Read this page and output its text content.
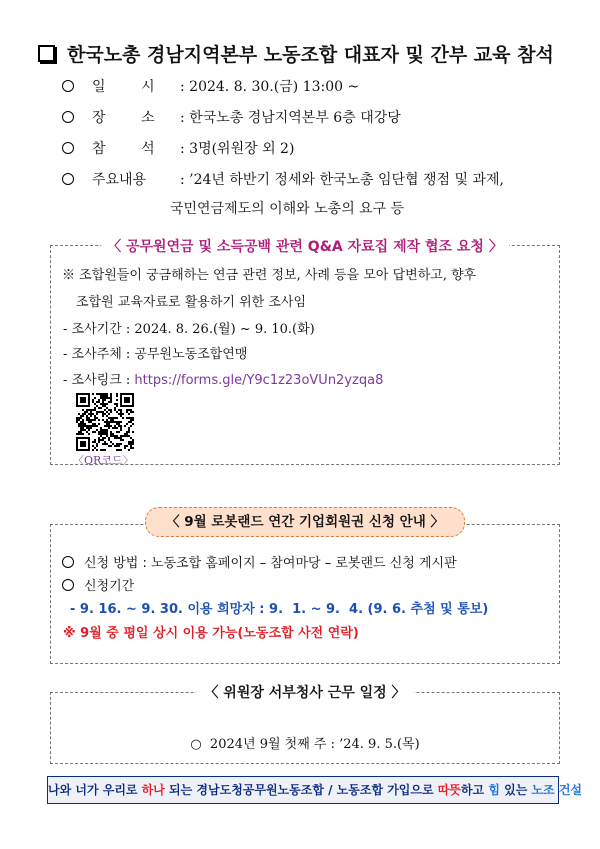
한국노총 경남지역본부 노동조합 대표자 및 간부 교육 참석
일        시	: 2024. 8. 30.(금) 13:00 ~
장        소	: 한국노총 경남지역본부 6층 대강당
참        석	: 3명(위원장 외 2)
주요내용	: ’24년 하반기 정세와 한국노총 임단협 쟁점 및 과제,
국민연금제도의 이해와 노총의 요구 등
〈 공무원연금 및 소득공백 관련 Q&A 자료집 제작 협조 요청 〉
※ 조합원들이 궁금해하는 연금 관련 정보, 사례 등을 모아 답변하고, 향후
조합원 교육자료로 활용하기 위한 조사임
- 조사기간 : 2024. 8. 26.(월) ~ 9. 10.(화)
- 조사주체 : 공무원노동조합연맹
- 조사링크 : https://forms.gle/Y9c1z23oVUn2yzqa8
〈QR코드〉
〈 9월 로봇랜드 연간 기업회원권 신청 안내 〉
신청 방법 : 노동조합 홈페이지 – 참여마당 – 로봇랜드 신청 게시판
신청기간
- 9. 16. ~ 9. 30. 이용 희망자 : 9.  1. ~ 9.  4. (9. 6. 추첨 및 통보)
※ 9월 중 평일 상시 이용 가능(노동조합 사전 연락)
〈 위원장 서부청사 근무 일정 〉
○  2024년 9월 첫째 주 : ’24. 9. 5.(목)
나와 너가 우리로 하나 되는 경남도청공무원노동조합 / 노동조합 가입으로 따뜻하고 힘 있는 노조 건설
